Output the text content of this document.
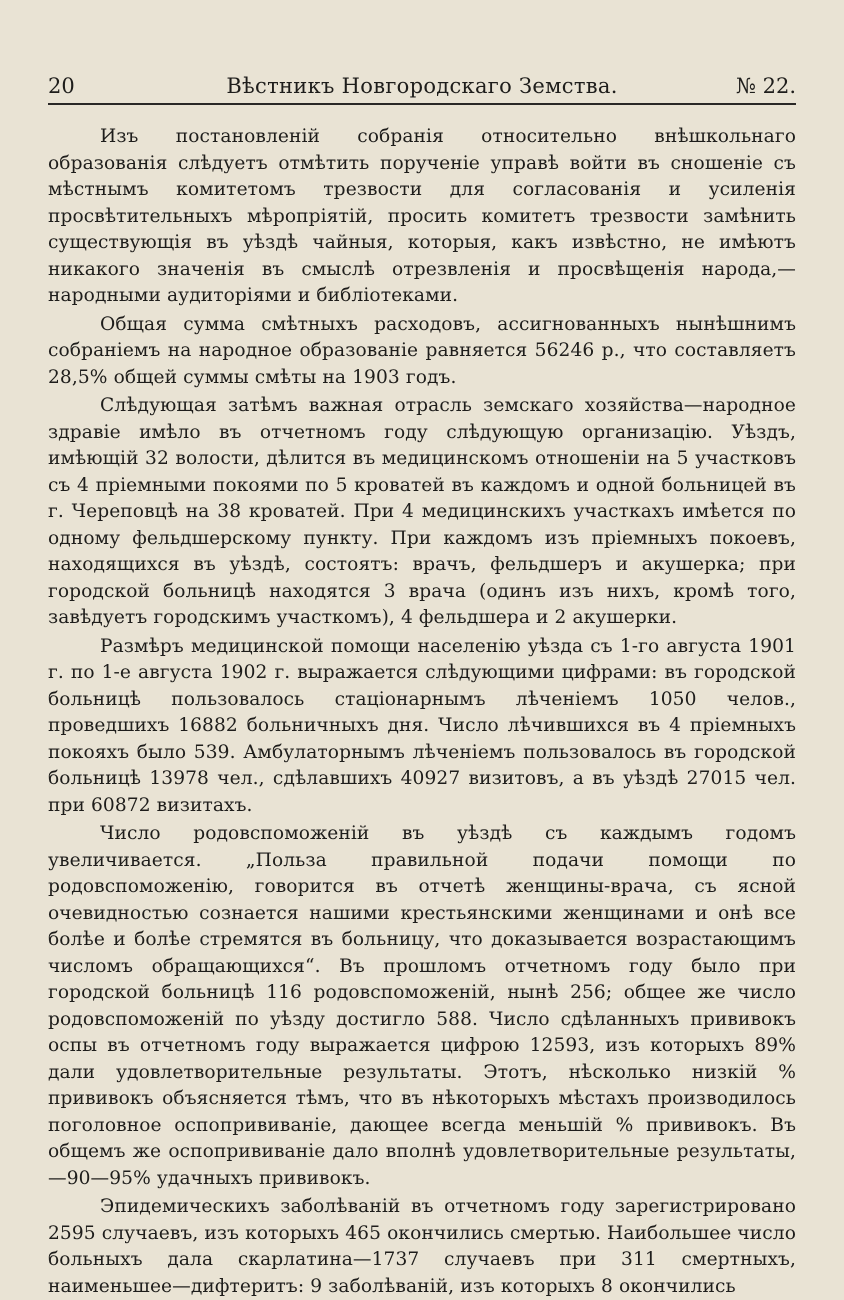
20	Вѣстникъ Новгородскаго Земства.	№ 22.

Изъ постановленій собранія относительно внѣшкольнаго образованія слѣдуетъ отмѣтить порученіе управѣ войти въ сношеніе съ мѣстнымъ комитетомъ трезвости для согласованія и усиленія просвѣтительныхъ мѣропріятій, просить комитетъ трезвости замѣнить существующія въ уѣздѣ чайныя, которыя, какъ извѣстно, не имѣютъ никакого значенія въ смыслѣ отрезвленія и просвѣщенія народа,—народными аудиторіями и библіотеками.

Общая сумма смѣтныхъ расходовъ, ассигнованныхъ нынѣшнимъ собраніемъ на народное образованіе равняется 56246 р., что составляетъ 28,5% общей суммы смѣты на 1903 годъ.

Слѣдующая затѣмъ важная отрасль земскаго хозяйства—народное здравіе имѣло въ отчетномъ году слѣдующую организацію. Уѣздъ, имѣющій 32 волости, дѣлится въ медицинскомъ отношеніи на 5 участковъ съ 4 пріемными покоями по 5 кроватей въ каждомъ и одной больницей въ г. Череповцѣ на 38 кроватей. При 4 медицинскихъ участкахъ имѣется по одному фельдшерскому пункту. При каждомъ изъ пріемныхъ покоевъ, находящихся въ уѣздѣ, состоятъ: врачъ, фельдшеръ и акушерка; при городской больницѣ находятся 3 врача (одинъ изъ нихъ, кромѣ того, завѣдуетъ городскимъ участкомъ), 4 фельдшера и 2 акушерки.

Размѣръ медицинской помощи населенію уѣзда съ 1-го августа 1901 г. по 1-е августа 1902 г. выражается слѣдующими цифрами: въ городской больницѣ пользовалось стаціонарнымъ лѣченіемъ 1050 челов., проведшихъ 16882 больничныхъ дня. Число лѣчившихся въ 4 пріемныхъ покояхъ было 539. Амбулаторнымъ лѣченіемъ пользовалось въ городской больницѣ 13978 чел., сдѣлавшихъ 40927 визитовъ, а въ уѣздѣ 27015 чел. при 60872 визитахъ.

Число родовспоможеній въ уѣздѣ съ каждымъ годомъ увеличивается. „Польза правильной подачи помощи по родовспоможенію, говорится въ отчетѣ женщины-врача, съ ясной очевидностью сознается нашими крестьянскими женщинами и онѣ все болѣе и болѣе стремятся въ больницу, что доказывается возрастающимъ числомъ обращающихся“. Въ прошломъ отчетномъ году было при городской больницѣ 116 родовспоможеній, нынѣ 256; общее же число родовспоможеній по уѣзду достигло 588. Число сдѣланныхъ прививокъ оспы въ отчетномъ году выражается цифрою 12593, изъ которыхъ 89% дали удовлетворительные результаты. Этотъ, нѣсколько низкій % прививокъ объясняется тѣмъ, что въ нѣкоторыхъ мѣстахъ производилось поголовное оспопрививаніе, дающее всегда меньшій % прививокъ. Въ общемъ же оспопрививаніе дало вполнѣ удовлетворительные результаты,—90—95% удачныхъ прививокъ.

Эпидемическихъ заболѣваній въ отчетномъ году зарегистрировано 2595 случаевъ, изъ которыхъ 465 окончились смертью. Наибольшее число больныхъ дала скарлатина—1737 случаевъ при 311 смертныхъ, наименьшее—дифтеритъ: 9 заболѣваній, изъ которыхъ 8 окончились
